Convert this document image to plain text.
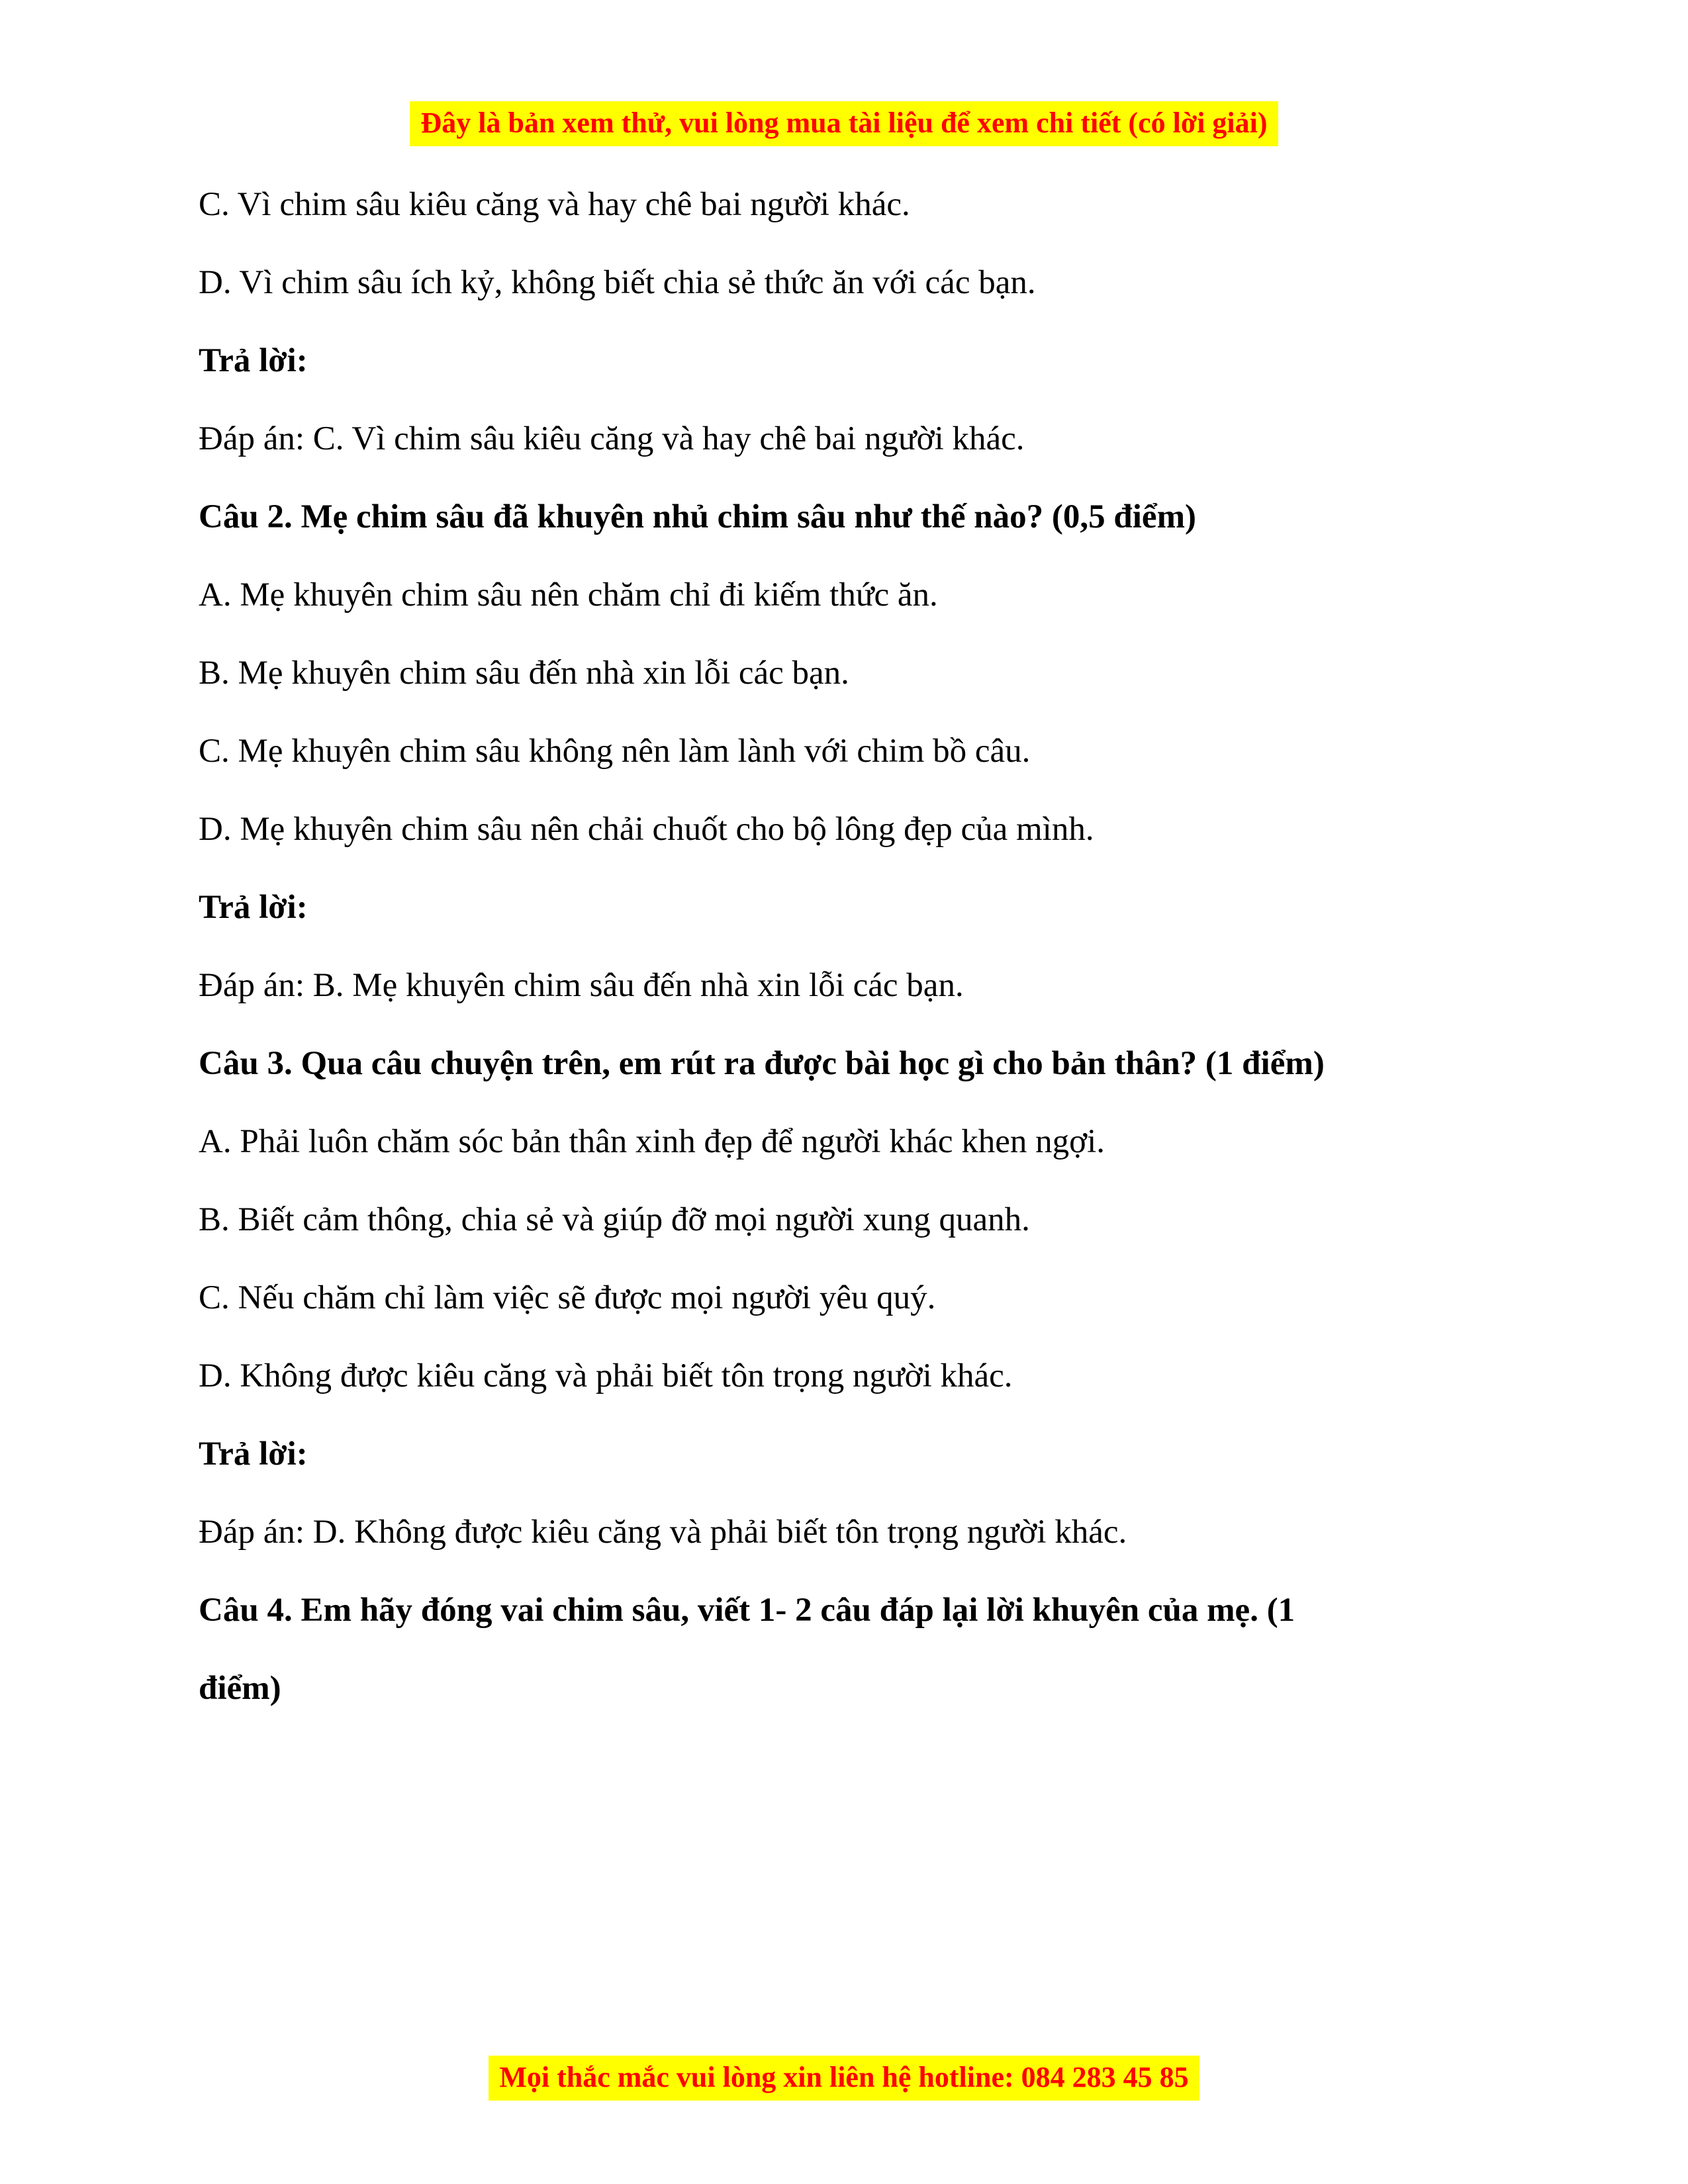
Đây là bản xem thử, vui lòng mua tài liệu để xem chi tiết (có lời giải)
C. Vì chim sâu kiêu căng và hay chê bai người khác.
D. Vì chim sâu ích kỷ, không biết chia sẻ thức ăn với các bạn.
Trả lời:
Đáp án: C. Vì chim sâu kiêu căng và hay chê bai người khác.
Câu 2. Mẹ chim sâu đã khuyên nhủ chim sâu như thế nào? (0,5 điểm)
A. Mẹ khuyên chim sâu nên chăm chỉ đi kiếm thức ăn.
B. Mẹ khuyên chim sâu đến nhà xin lỗi các bạn.
C. Mẹ khuyên chim sâu không nên làm lành với chim bồ câu.
D. Mẹ khuyên chim sâu nên chải chuốt cho bộ lông đẹp của mình.
Trả lời:
Đáp án: B. Mẹ khuyên chim sâu đến nhà xin lỗi các bạn.
Câu 3. Qua câu chuyện trên, em rút ra được bài học gì cho bản thân? (1 điểm)
A. Phải luôn chăm sóc bản thân xinh đẹp để người khác khen ngợi.
B. Biết cảm thông, chia sẻ và giúp đỡ mọi người xung quanh.
C. Nếu chăm chỉ làm việc sẽ được mọi người yêu quý.
D. Không được kiêu căng và phải biết tôn trọng người khác.
Trả lời:
Đáp án: D. Không được kiêu căng và phải biết tôn trọng người khác.
Câu 4. Em hãy đóng vai chim sâu, viết 1- 2 câu đáp lại lời khuyên của mẹ. (1
điểm)
Mọi thắc mắc vui lòng xin liên hệ hotline: 084 283 45 85
